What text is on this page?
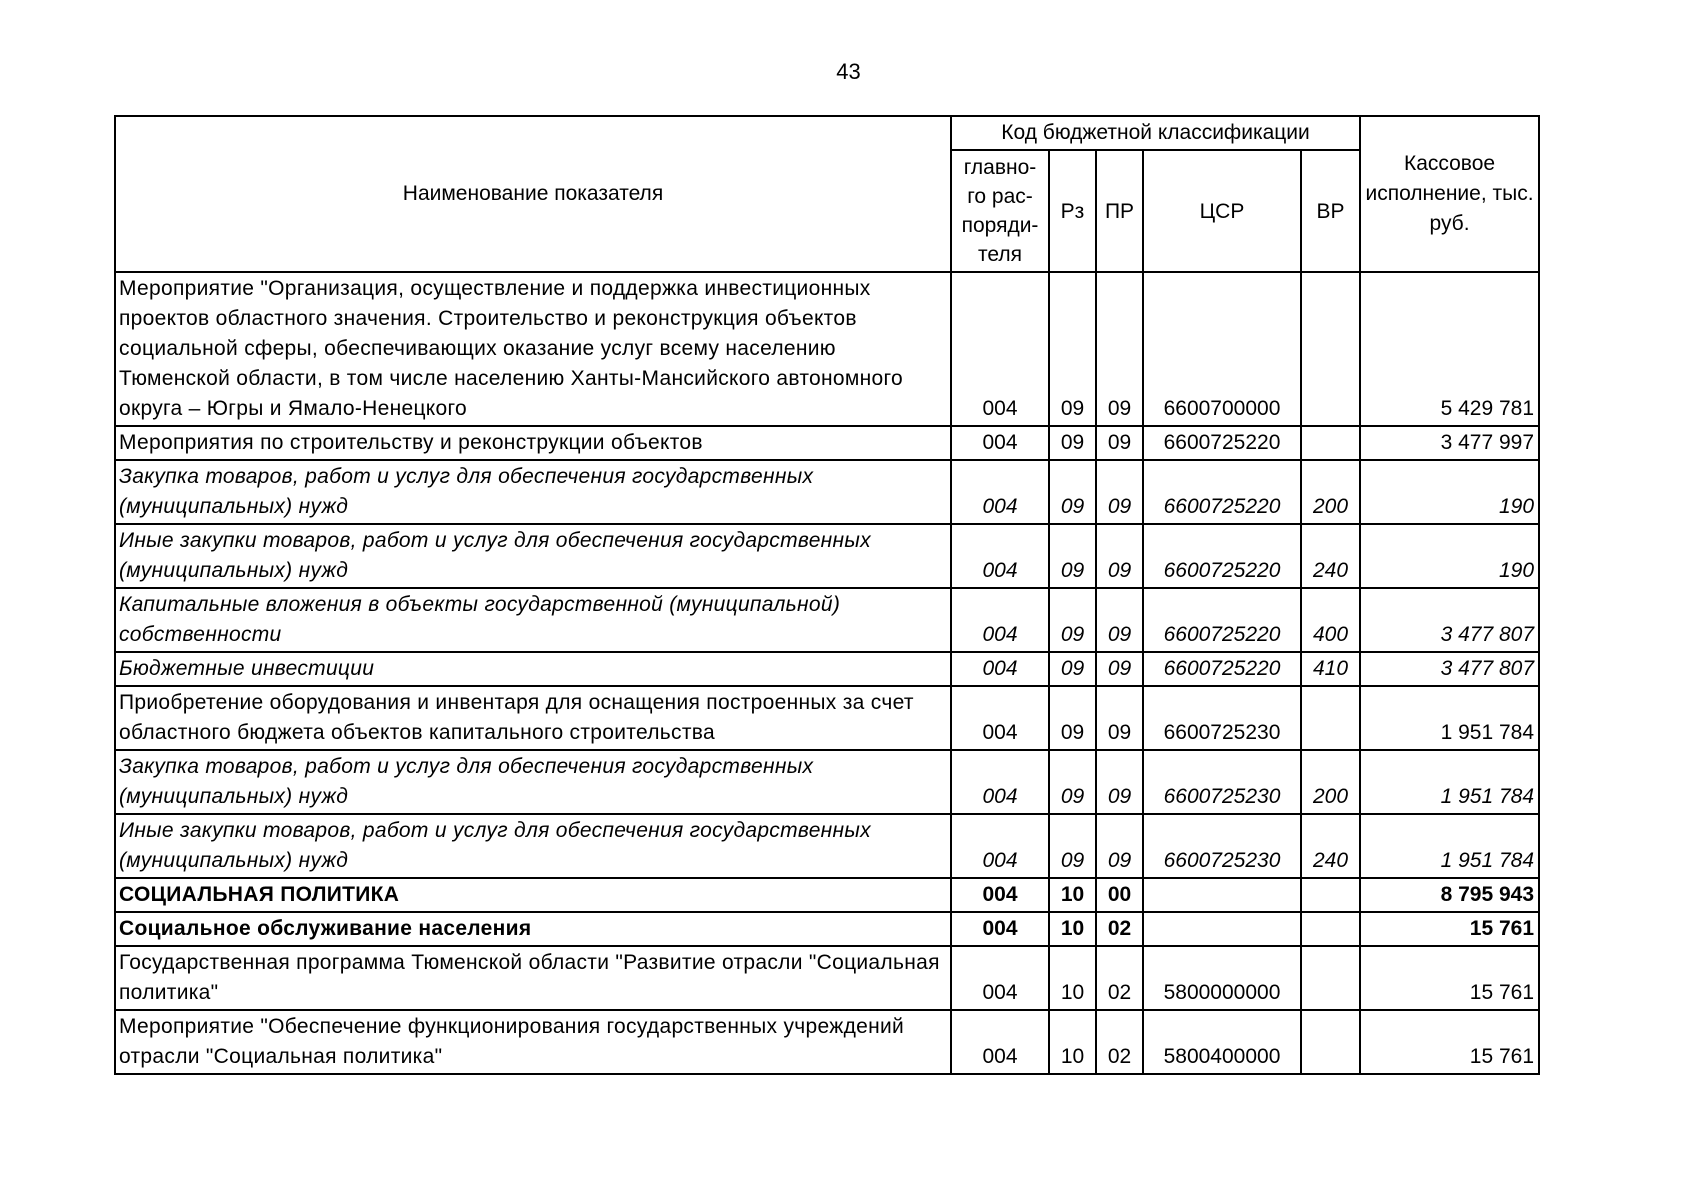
43
Наименование показателя	Код бюджетной классификации					Кассовое исполнение, тыс. руб.
	главно-го рас-поряди-теля	Рз	ПР	ЦСР	ВР	
Мероприятие "Организация, осуществление и поддержка инвестиционных проектов областного значения. Строительство и реконструкция объектов социальной сферы, обеспечивающих оказание услуг всему населению Тюменской области, в том числе населению Ханты-Мансийского автономного округа – Югры и Ямало-Ненецкого	004	09	09	6600700000		5 429 781
Мероприятия по строительству и реконструкции объектов	004	09	09	6600725220		3 477 997
Закупка товаров, работ и услуг для обеспечения государственных (муниципальных) нужд	004	09	09	6600725220	200	190
Иные закупки товаров, работ и услуг для обеспечения государственных (муниципальных) нужд	004	09	09	6600725220	240	190
Капитальные вложения в объекты государственной (муниципальной) собственности	004	09	09	6600725220	400	3 477 807
Бюджетные инвестиции	004	09	09	6600725220	410	3 477 807
Приобретение оборудования и инвентаря для оснащения построенных за счет областного бюджета объектов капитального строительства	004	09	09	6600725230		1 951 784
Закупка товаров, работ и услуг для обеспечения государственных (муниципальных) нужд	004	09	09	6600725230	200	1 951 784
Иные закупки товаров, работ и услуг для обеспечения государственных (муниципальных) нужд	004	09	09	6600725230	240	1 951 784
СОЦИАЛЬНАЯ ПОЛИТИКА	004	10	00			8 795 943
Социальное обслуживание населения	004	10	02			15 761
Государственная программа Тюменской области "Развитие отрасли "Социальная политика"	004	10	02	5800000000		15 761
Мероприятие "Обеспечение функционирования государственных учреждений отрасли "Социальная политика"	004	10	02	5800400000		15 761
